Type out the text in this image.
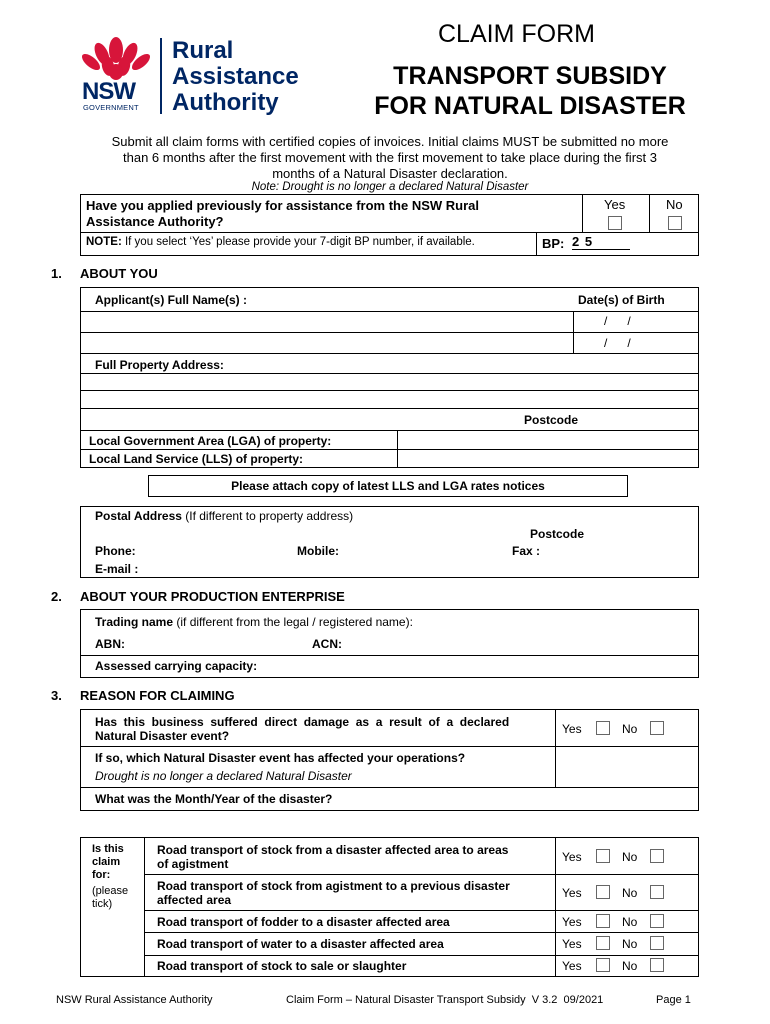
NSW
GOVERNMENT
Rural
Assistance
Authority
CLAIM FORM
TRANSPORT SUBSIDY
FOR NATURAL DISASTER
Submit all claim forms with certified copies of invoices. Initial claims MUST be submitted no more
than 6 months after the first movement with the first movement to take place during the first 3
months of a Natural Disaster declaration.
Note: Drought is no longer a declared Natural Disaster
Have you applied previously for assistance from the NSW Rural
Assistance Authority?
Yes	No
NOTE: If you select ‘Yes’ please provide your 7-digit BP number, if available.	BP: 2 5
1. ABOUT YOU
Applicant(s) Full Name(s) :	Date(s) of Birth
/      /
/      /
Full Property Address:
Postcode
Local Government Area (LGA) of property:
Local Land Service (LLS) of property:
Please attach copy of latest LLS and LGA rates notices
Postal Address (If different to property address)
Postcode
Phone:	Mobile:	Fax :
E-mail :
2. ABOUT YOUR PRODUCTION ENTERPRISE
Trading name (if different from the legal / registered name):
ABN:	ACN:
Assessed carrying capacity:
3. REASON FOR CLAIMING
Has  this  business  suffered  direct  damage  as  a  result  of  a  declared
Natural Disaster event?	Yes	No
If so, which Natural Disaster event has affected your operations?
Drought is no longer a declared Natural Disaster
What was the Month/Year of the disaster?
Is this
claim
for:
(please
tick)
Road transport of stock from a disaster affected area to areas
of agistment	Yes	No
Road transport of stock from agistment to a previous disaster
affected area	Yes	No
Road transport of fodder to a disaster affected area	Yes	No
Road transport of water to a disaster affected area	Yes	No
Road transport of stock to sale or slaughter	Yes	No
NSW Rural Assistance Authority	Claim Form – Natural Disaster Transport Subsidy  V 3.2  09/2021	Page 1
